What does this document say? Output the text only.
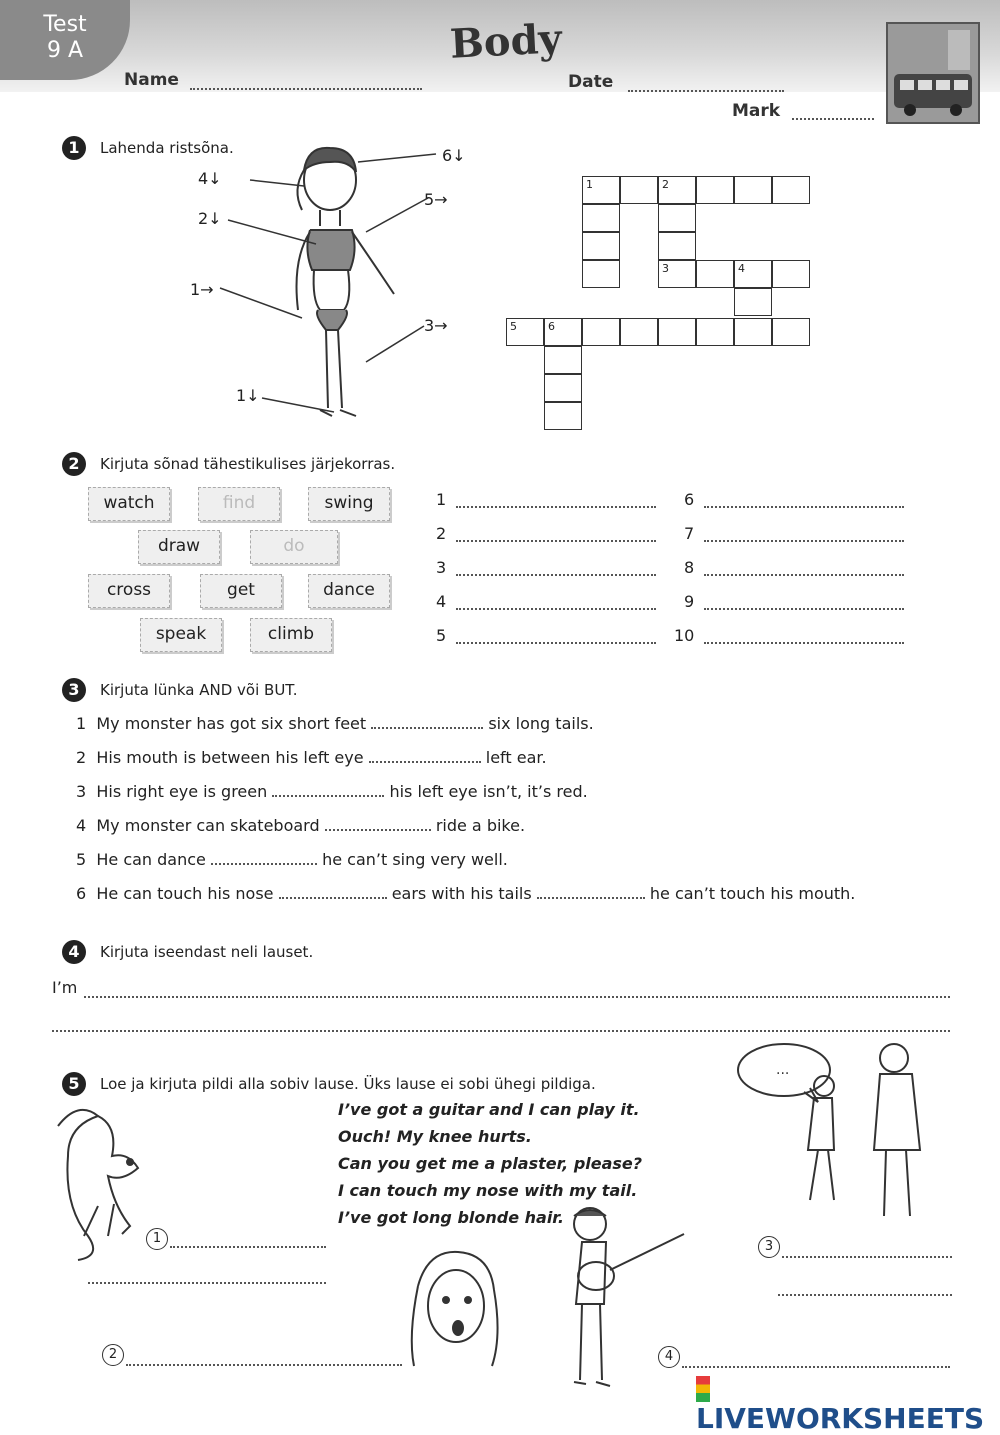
Test
9 A	Body
Name	Date
Mark
1	Lahenda ristsõna.	6↓
4↓
5→
2↓
1→
3→
1↓
1	2
3	4
5	6
2	Kirjuta sõnad tähestikulises järjekorras.
watch	find	swing
draw	do
cross	get	dance
speak	climb
1
2
3
4
5
6
7
8
9
10
3	Kirjuta lünka AND või BUT.
1 My monster has got six short feet	six long tails.
2 His mouth is between his left eye	left ear.
3 His right eye is green	his left eye isn’t, it’s red.
4 My monster can skateboard	ride a bike.
5 He can dance	he can’t sing very well.
6 He can touch his nose	ears with his tails	he can’t touch his mouth.
4	Kirjuta iseendast neli lauset.
I’m
5	Loe ja kirjuta pildi alla sobiv lause. Üks lause ei sobi ühegi pildiga.
I’ve got a guitar and I can play it.
Ouch! My knee hurts.
Can you get me a plaster, please?
I can touch my nose with my tail.
I’ve got long blonde hair.
1
2	4
...
3
LIVEWORKSHEETS
